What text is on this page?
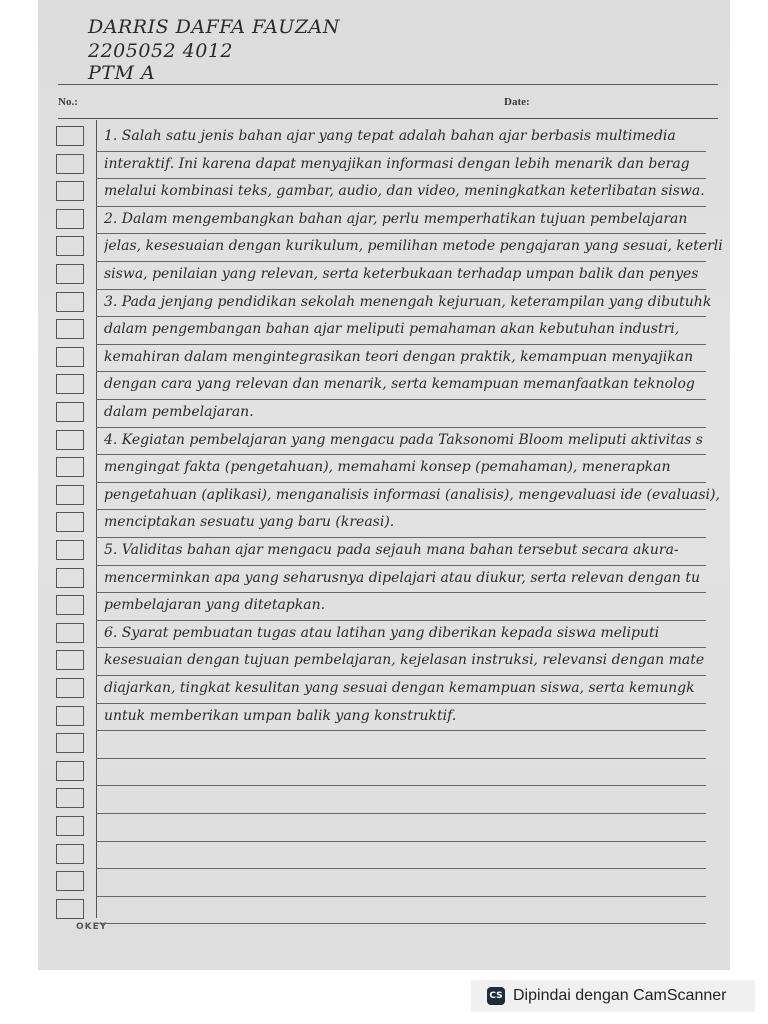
DARRIS DAFFA FAUZAN
2205052 4012
PTM A
No.:	Date:
1. Salah satu jenis bahan ajar yang tepat adalah bahan ajar berbasis multimedia
interaktif. Ini karena dapat menyajikan informasi dengan lebih menarik dan berag
melalui kombinasi teks, gambar, audio, dan video, meningkatkan keterlibatan siswa.
2. Dalam mengembangkan bahan ajar, perlu memperhatikan tujuan pembelajaran
jelas, kesesuaian dengan kurikulum, pemilihan metode pengajaran yang sesuai, keterli
siswa, penilaian yang relevan, serta keterbukaan terhadap umpan balik dan penyes
3. Pada jenjang pendidikan sekolah menengah kejuruan, keterampilan yang dibutuhk
dalam pengembangan bahan ajar meliputi pemahaman akan kebutuhan industri,
kemahiran dalam mengintegrasikan teori dengan praktik, kemampuan menyajikan
dengan cara yang relevan dan menarik, serta kemampuan memanfaatkan teknolog
dalam pembelajaran.
4. Kegiatan pembelajaran yang mengacu pada Taksonomi Bloom meliputi aktivitas s
mengingat fakta (pengetahuan), memahami konsep (pemahaman), menerapkan
pengetahuan (aplikasi), menganalisis informasi (analisis), mengevaluasi ide (evaluasi),
menciptakan sesuatu yang baru (kreasi).
5. Validitas bahan ajar mengacu pada sejauh mana bahan tersebut secara akura-
mencerminkan apa yang seharusnya dipelajari atau diukur, serta relevan dengan tu
pembelajaran yang ditetapkan.
6. Syarat pembuatan tugas atau latihan yang diberikan kepada siswa meliputi
kesesuaian dengan tujuan pembelajaran, kejelasan instruksi, relevansi dengan mate
diajarkan, tingkat kesulitan yang sesuai dengan kemampuan siswa, serta kemungk
untuk memberikan umpan balik yang konstruktif.
OKEY
CS Dipindai dengan CamScanner
